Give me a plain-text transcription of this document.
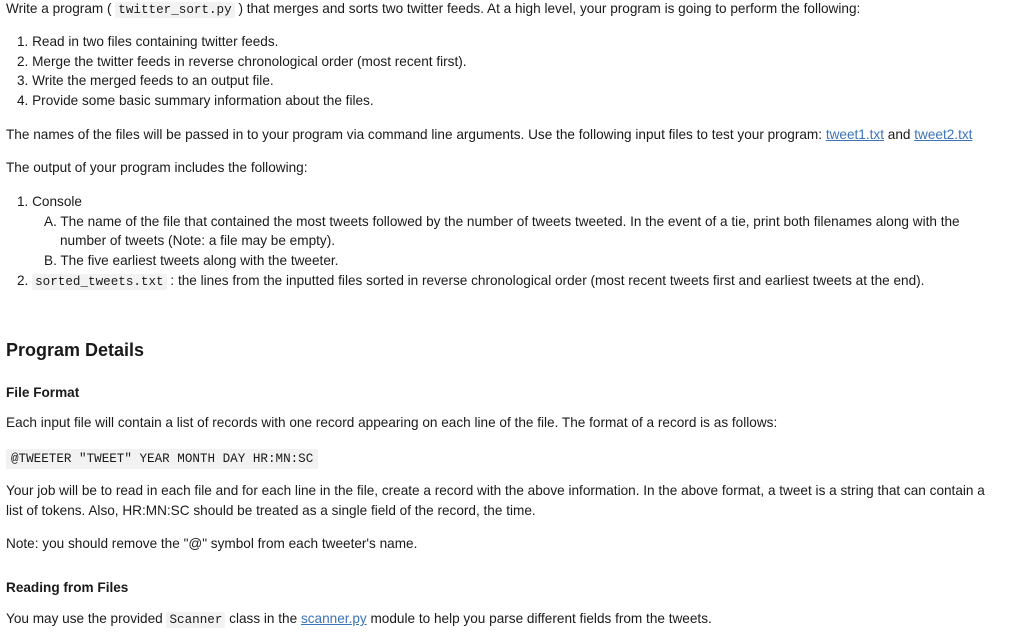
Write a program ( twitter_sort.py ) that merges and sorts two twitter feeds. At a high level, your program is going to perform the following:
1. Read in two files containing twitter feeds.
2. Merge the twitter feeds in reverse chronological order (most recent first).
3. Write the merged feeds to an output file.
4. Provide some basic summary information about the files.
The names of the files will be passed in to your program via command line arguments. Use the following input files to test your program: tweet1.txt and tweet2.txt
The output of your program includes the following:
1. Console
A. The name of the file that contained the most tweets followed by the number of tweets tweeted. In the event of a tie, print both filenames along with the
number of tweets (Note: a file may be empty).
B. The five earliest tweets along with the tweeter.
2. sorted_tweets.txt : the lines from the inputted files sorted in reverse chronological order (most recent tweets first and earliest tweets at the end).
Program Details
File Format
Each input file will contain a list of records with one record appearing on each line of the file. The format of a record is as follows:
@TWEETER "TWEET" YEAR MONTH DAY HR:MN:SC
Your job will be to read in each file and for each line in the file, create a record with the above information. In the above format, a tweet is a string that can contain a
list of tokens. Also, HR:MN:SC should be treated as a single field of the record, the time.
Note: you should remove the "@" symbol from each tweeter's name.
Reading from Files
You may use the provided Scanner class in the scanner.py module to help you parse different fields from the tweets.
